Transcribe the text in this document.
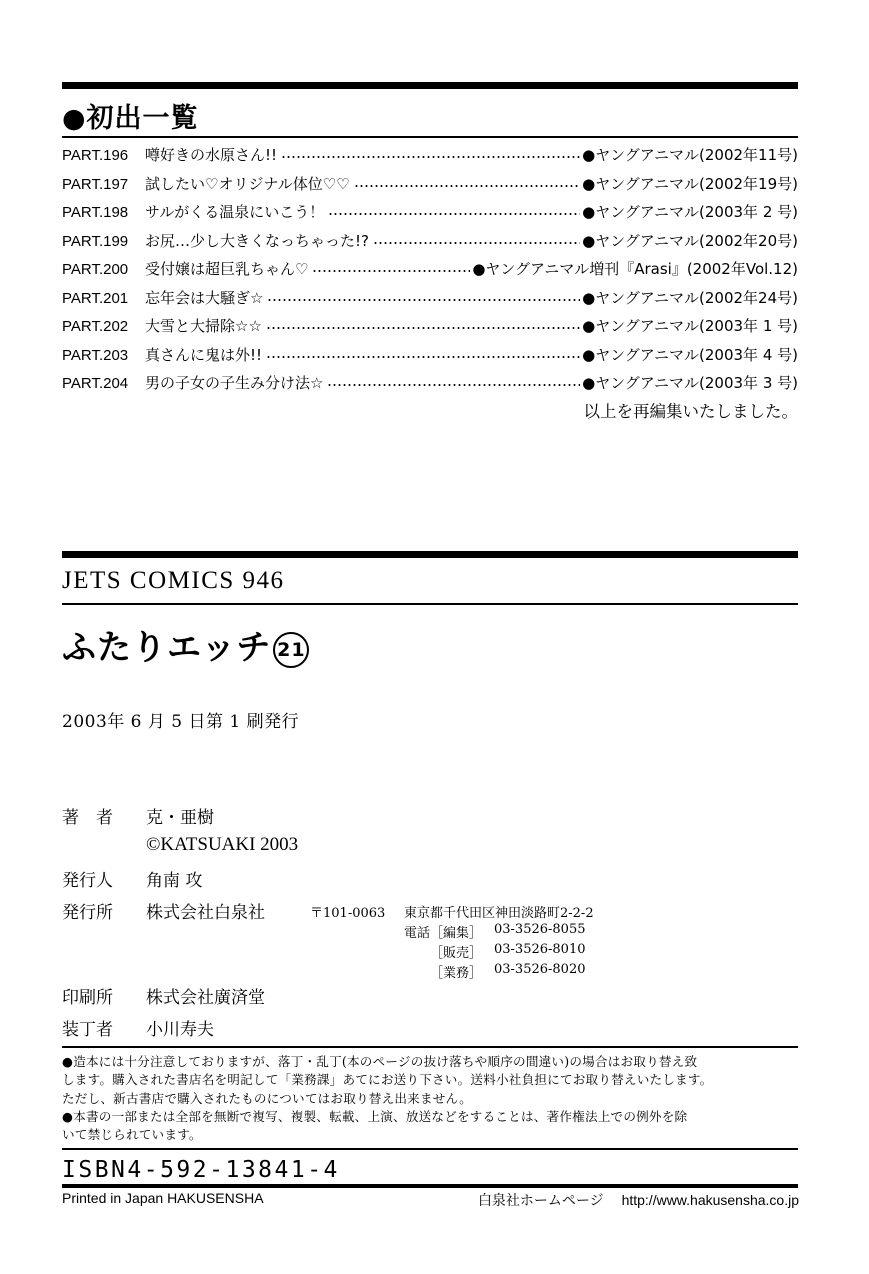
●初出一覧
PART.196	噂好きの水原さん!!	●ヤングアニマル(2002年11号)
PART.197	試したい♡オリジナル体位♡♡	●ヤングアニマル(2002年19号)
PART.198	サルがくる温泉にいこう！	●ヤングアニマル(2003年 2 号)
PART.199	お尻…少し大きくなっちゃった!?	●ヤングアニマル(2002年20号)
PART.200	受付嬢は超巨乳ちゃん♡	●ヤングアニマル増刊『Arasi』(2002年Vol.12)
PART.201	忘年会は大騒ぎ☆	●ヤングアニマル(2002年24号)
PART.202	大雪と大掃除☆☆	●ヤングアニマル(2003年 1 号)
PART.203	真さんに鬼は外!!	●ヤングアニマル(2003年 4 号)
PART.204	男の子女の子生み分け法☆	●ヤングアニマル(2003年 3 号)
以上を再編集いたしました。
JETS COMICS 946
ふたりエッチ 21
2003年 6 月 5 日第 1 刷発行
著　者 克・亜樹
©KATSUAKI 2003
発行人 角南 攻
発行所 株式会社白泉社	〒101-0063 東京都千代田区神田淡路町2-2-2
電話 ［編集］ 03-3526-8055
［販売］ 03-3526-8010
［業務］ 03-3526-8020
印刷所 株式会社廣済堂
装丁者 小川寿夫
●造本には十分注意しておりますが、落丁・乱丁(本のページの抜け落ちや順序の間違い)の場合はお取り替え致
します。購入された書店名を明記して「業務課」あてにお送り下さい。送料小社負担にてお取り替えいたします。
ただし、新古書店で購入されたものについてはお取り替え出来ません。
●本書の一部または全部を無断で複写、複製、転載、上演、放送などをすることは、著作権法上での例外を除
いて禁じられています。
ISBN4-592-13841-4
Printed in Japan HAKUSENSHA	白泉社ホームページ http://www.hakusensha.co.jp
